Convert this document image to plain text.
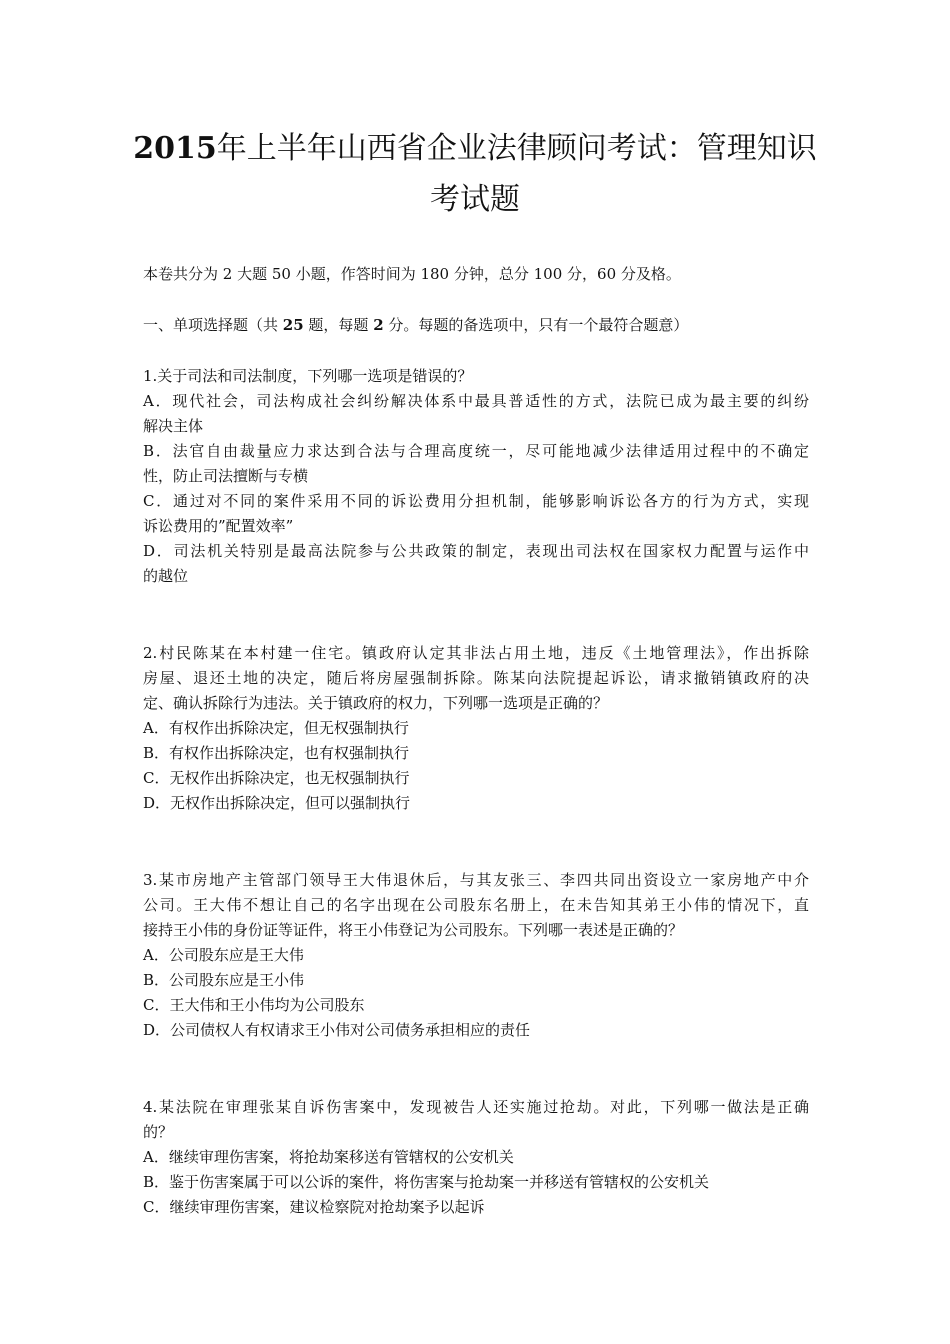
2015年上半年山西省企业法律顾问考试：管理知识
考试题

本卷共分为 2 大题 50 小题，作答时间为 180 分钟，总分 100 分，60 分及格。

一、单项选择题（共 25 题，每题 2 分。每题的备选项中，只有一个最符合题意）

1.关于司法和司法制度，下列哪一选项是错误的？
A．现代社会，司法构成社会纠纷解决体系中最具普适性的方式，法院已成为最主要的纠纷
解决主体
B．法官自由裁量应力求达到合法与合理高度统一，尽可能地减少法律适用过程中的不确定
性，防止司法擅断与专横
C．通过对不同的案件采用不同的诉讼费用分担机制，能够影响诉讼各方的行为方式，实现
诉讼费用的”配置效率”
D．司法机关特别是最高法院参与公共政策的制定，表现出司法权在国家权力配置与运作中
的越位
2.村民陈某在本村建一住宅。镇政府认定其非法占用土地，违反《土地管理法》，作出拆除
房屋、退还土地的决定，随后将房屋强制拆除。陈某向法院提起诉讼，请求撤销镇政府的决
定、确认拆除行为违法。关于镇政府的权力，下列哪一选项是正确的？
A．有权作出拆除决定，但无权强制执行
B．有权作出拆除决定，也有权强制执行
C．无权作出拆除决定，也无权强制执行
D．无权作出拆除决定，但可以强制执行
3.某市房地产主管部门领导王大伟退休后，与其友张三、李四共同出资设立一家房地产中介
公司。王大伟不想让自己的名字出现在公司股东名册上，在未告知其弟王小伟的情况下，直
接持王小伟的身份证等证件，将王小伟登记为公司股东。下列哪一表述是正确的？
A．公司股东应是王大伟
B．公司股东应是王小伟
C．王大伟和王小伟均为公司股东
D．公司债权人有权请求王小伟对公司债务承担相应的责任
4.某法院在审理张某自诉伤害案中，发现被告人还实施过抢劫。对此，下列哪一做法是正确
的？
A．继续审理伤害案，将抢劫案移送有管辖权的公安机关
B．鉴于伤害案属于可以公诉的案件，将伤害案与抢劫案一并移送有管辖权的公安机关
C．继续审理伤害案，建议检察院对抢劫案予以起诉
